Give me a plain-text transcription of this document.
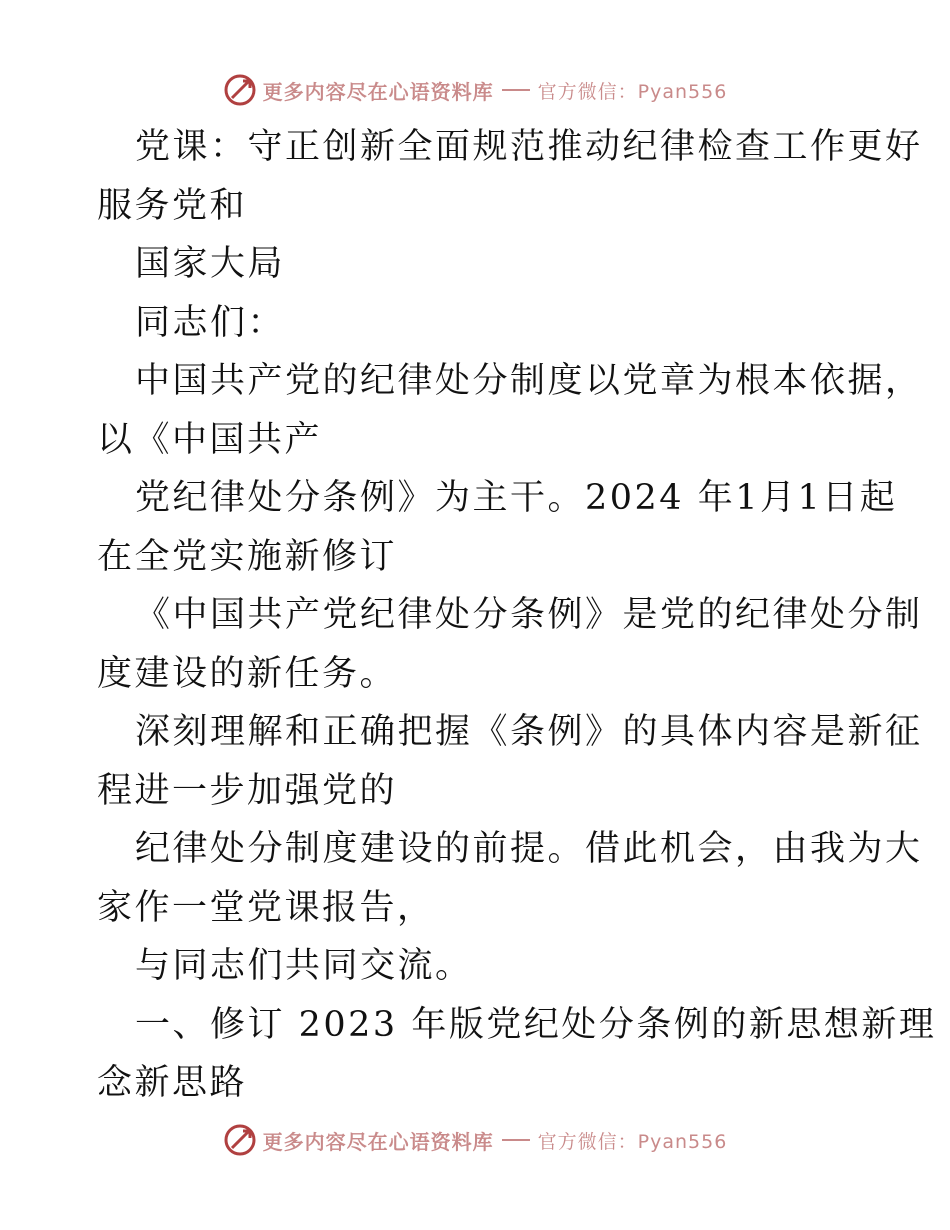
更多内容尽在心语资料库 官方微信：Pyan556
党课：守正创新全面规范推动纪律检查工作更好
服务党和
国家大局
同志们：
中国共产党的纪律处分制度以党章为根本依据，
以《中国共产
党纪律处分条例》为主干。2024 年1月1日起
在全党实施新修订
《中国共产党纪律处分条例》是党的纪律处分制
度建设的新任务。
深刻理解和正确把握《条例》的具体内容是新征
程进一步加强党的
纪律处分制度建设的前提。借此机会，由我为大
家作一堂党课报告，
与同志们共同交流。
一、修订 2023 年版党纪处分条例的新思想新理
念新思路
更多内容尽在心语资料库 官方微信：Pyan556
